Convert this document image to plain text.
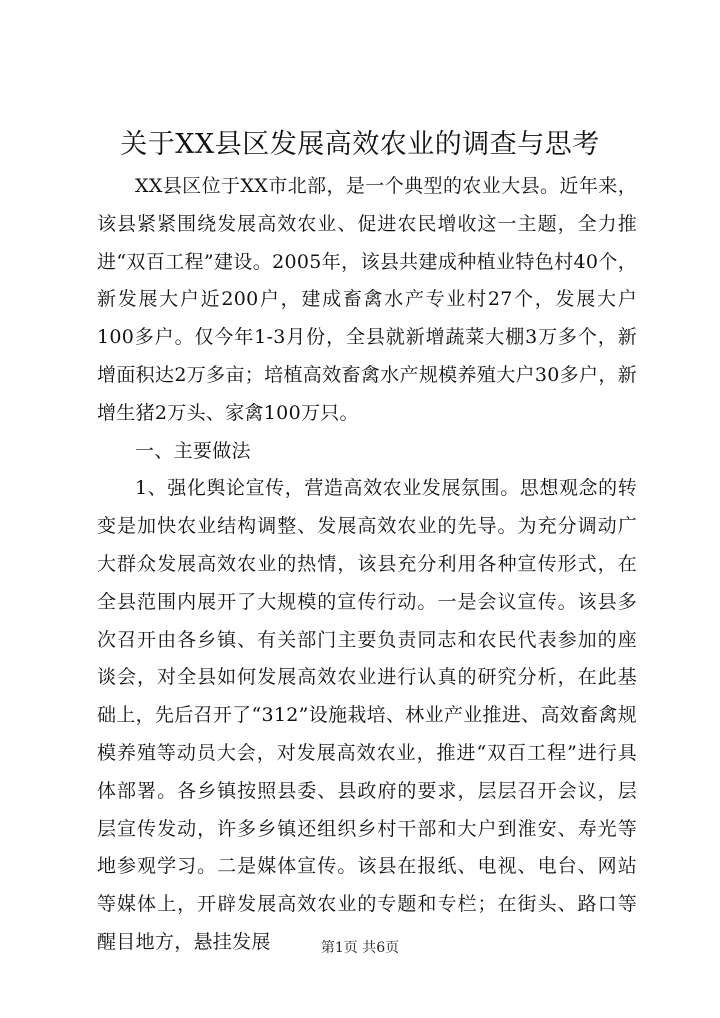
关于XX县区发展高效农业的调查与思考

XX县区位于XX市北部，是一个典型的农业大县。近年来，该县紧紧围绕发展高效农业、促进农民增收这一主题，全力推进“双百工程”建设。2005年，该县共建成种植业特色村40个，新发展大户近200户，建成畜禽水产专业村27个，发展大户100多户。仅今年1-3月份，全县就新增蔬菜大棚3万多个，新增面积达2万多亩；培植高效畜禽水产规模养殖大户30多户，新增生猪2万头、家禽100万只。

一、主要做法

1、强化舆论宣传，营造高效农业发展氛围。思想观念的转变是加快农业结构调整、发展高效农业的先导。为充分调动广大群众发展高效农业的热情，该县充分利用各种宣传形式，在全县范围内展开了大规模的宣传行动。一是会议宣传。该县多次召开由各乡镇、有关部门主要负责同志和农民代表参加的座谈会，对全县如何发展高效农业进行认真的研究分析，在此基础上，先后召开了“312”设施栽培、林业产业推进、高效畜禽规模养殖等动员大会，对发展高效农业，推进“双百工程”进行具体部署。各乡镇按照县委、县政府的要求，层层召开会议，层层宣传发动，许多乡镇还组织乡村干部和大户到淮安、寿光等地参观学习。二是媒体宣传。该县在报纸、电视、电台、网站等媒体上，开辟发展高效农业的专题和专栏；在街头、路口等醒目地方，悬挂发展	第1页 共6页
